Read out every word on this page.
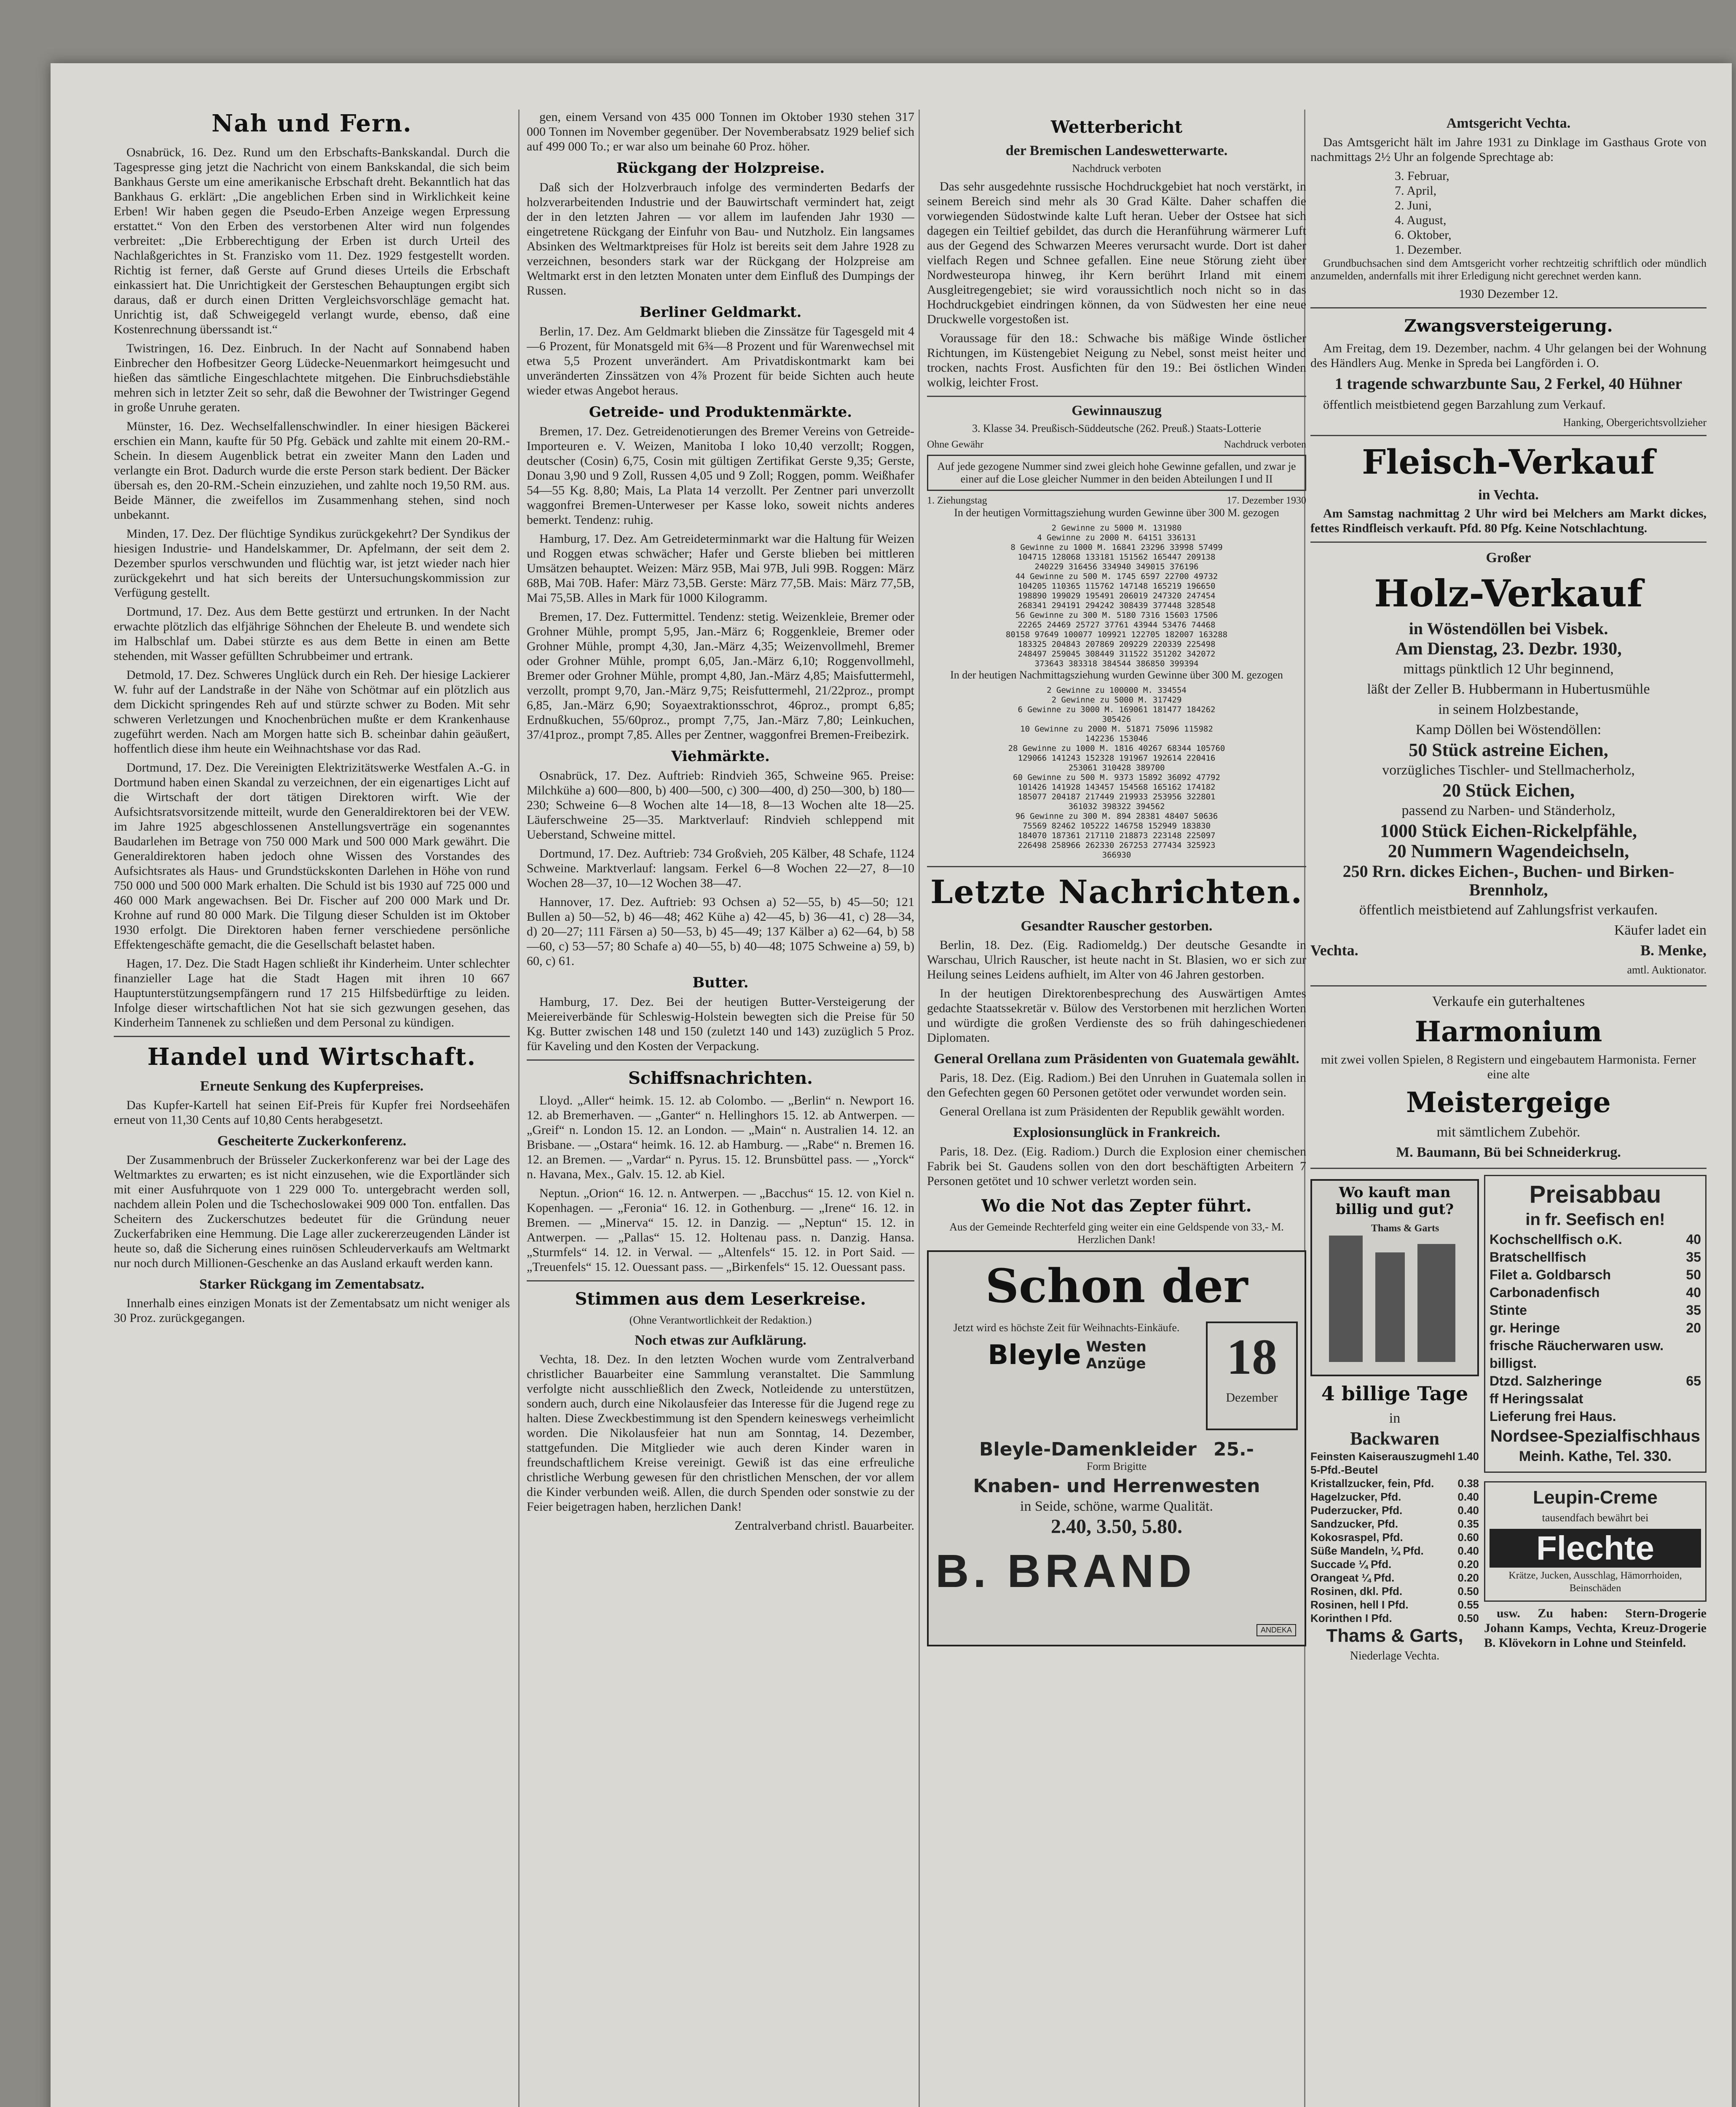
Nah und Fern.

Osnabrück, 16. Dez. Rund um den Erbschafts-Bankskandal. Durch die Tagespresse ging jetzt die Nachricht von einem Bankskandal, die sich beim Bankhaus Gerste um eine amerikanische Erbschaft dreht. Bekanntlich hat das Bankhaus G. erklärt: „Die angeblichen Erben sind in Wirklichkeit keine Erben! Wir haben gegen die Pseudo-Erben Anzeige wegen Erpressung erstattet.“ Von den Erben des verstorbenen Alter wird nun folgendes verbreitet: „Die Erbberechtigung der Erben ist durch Urteil des Nachlaßgerichtes in St. Franzisko vom 11. Dez. 1929 festgestellt worden. Richtig ist ferner, daß Gerste auf Grund dieses Urteils die Erbschaft einkassiert hat. Die Unrichtigkeit der Gersteschen Behauptungen ergibt sich daraus, daß er durch einen Dritten Vergleichsvorschläge gemacht hat. Unrichtig ist, daß Schweigegeld verlangt wurde, ebenso, daß eine Kostenrechnung überssandt ist.“

Twistringen, 16. Dez. Einbruch. In der Nacht auf Sonnabend haben Einbrecher den Hofbesitzer Georg Lüdecke-Neuenmarkort heimgesucht und hießen das sämtliche Eingeschlachtete mitgehen. Die Einbruchsdiebstähle mehren sich in letzter Zeit so sehr, daß die Bewohner der Twistringer Gegend in große Unruhe geraten.

Münster, 16. Dez. Wechselfallenschwindler. In einer hiesigen Bäckerei erschien ein Mann, kaufte für 50 Pfg. Gebäck und zahlte mit einem 20-RM.-Schein. In diesem Augenblick betrat ein zweiter Mann den Laden und verlangte ein Brot. Dadurch wurde die erste Person stark bedient. Der Bäcker übersah es, den 20-RM.-Schein einzuziehen, und zahlte noch 19,50 RM. aus. Beide Männer, die zweifellos im Zusammenhang stehen, sind noch unbekannt.

Minden, 17. Dez. Der flüchtige Syndikus zurückgekehrt? Der Syndikus der hiesigen Industrie- und Handelskammer, Dr. Apfelmann, der seit dem 2. Dezember spurlos verschwunden und flüchtig war, ist jetzt wieder nach hier zurückgekehrt und hat sich bereits der Untersuchungskommission zur Verfügung gestellt.

Dortmund, 17. Dez. Aus dem Bette gestürzt und ertrunken. In der Nacht erwachte plötzlich das elfjährige Söhnchen der Eheleute B. und wendete sich im Halbschlaf um. Dabei stürzte es aus dem Bette in einen am Bette stehenden, mit Wasser gefüllten Schrubbeimer und ertrank.

Detmold, 17. Dez. Schweres Unglück durch ein Reh. Der hiesige Lackierer W. fuhr auf der Landstraße in der Nähe von Schötmar auf ein plötzlich aus dem Dickicht springendes Reh auf und stürzte schwer zu Boden. Mit sehr schweren Verletzungen und Knochenbrüchen mußte er dem Krankenhause zugeführt werden. Nach am Morgen hatte sich B. scheinbar dahin geäußert, hoffentlich diese ihm heute ein Weihnachtshase vor das Rad.

Dortmund, 17. Dez. Die Vereinigten Elektrizitätswerke Westfalen A.-G. in Dortmund haben einen Skandal zu verzeichnen, der ein eigenartiges Licht auf die Wirtschaft der dort tätigen Direktoren wirft. Wie der Aufsichtsratsvorsitzende mitteilt, wurde den Generaldirektoren bei der VEW. im Jahre 1925 abgeschlossenen Anstellungsverträge ein sogenanntes Baudarlehen im Betrage von 750 000 Mark und 500 000 Mark gewährt. Die Generaldirektoren haben jedoch ohne Wissen des Vorstandes des Aufsichtsrates als Haus- und Grundstückskonten Darlehen in Höhe von rund 750 000 und 500 000 Mark erhalten. Die Schuld ist bis 1930 auf 725 000 und 460 000 Mark angewachsen. Bei Dr. Fischer auf 200 000 Mark und Dr. Krohne auf rund 80 000 Mark. Die Tilgung dieser Schulden ist im Oktober 1930 erfolgt. Die Direktoren haben ferner verschiedene persönliche Effektengeschäfte gemacht, die die Gesellschaft belastet haben.

Hagen, 17. Dez. Die Stadt Hagen schließt ihr Kinderheim. Unter schlechter finanzieller Lage hat die Stadt Hagen mit ihren 10 667 Hauptunterstützungsempfängern rund 17 215 Hilfsbedürftige zu leiden. Infolge dieser wirtschaftlichen Not hat sie sich gezwungen gesehen, das Kinderheim Tannenek zu schließen und dem Personal zu kündigen.

Handel und Wirtschaft.
Erneute Senkung des Kupferpreises.

Das Kupfer-Kartell hat seinen Eif-Preis für Kupfer frei Nordseehäfen erneut von 11,30 Cents auf 10,80 Cents herabgesetzt.

Gescheiterte Zuckerkonferenz.

Der Zusammenbruch der Brüsseler Zuckerkonferenz war bei der Lage des Weltmarktes zu erwarten; es ist nicht einzusehen, wie die Exportländer sich mit einer Ausfuhrquote von 1 229 000 To. untergebracht werden soll, nachdem allein Polen und die Tschechoslowakei 909 000 Ton. entfallen. Das Scheitern des Zuckerschutzes bedeutet für die Gründung neuer Zuckerfabriken eine Hemmung. Die Lage aller zuckererzeugenden Länder ist heute so, daß die Sicherung eines ruinösen Schleuderverkaufs am Weltmarkt nur noch durch Millionen-Geschenke an das Ausland erkauft werden kann.

Starker Rückgang im Zementabsatz.

Innerhalb eines einzigen Monats ist der Zementabsatz um nicht weniger als 30 Proz. zurückgegangen.

gen, einem Versand von 435 000 Tonnen im Oktober 1930 stehen 317 000 Tonnen im November gegenüber. Der Novemberabsatz 1929 belief sich auf 499 000 To.; er war also um beinahe 60 Proz. höher.

Rückgang der Holzpreise.

Daß sich der Holzverbrauch infolge des verminderten Bedarfs der holzverarbeitenden Industrie und der Bauwirtschaft vermindert hat, zeigt der in den letzten Jahren — vor allem im laufenden Jahr 1930 — eingetretene Rückgang der Einfuhr von Bau- und Nutzholz. Ein langsames Absinken des Weltmarktpreises für Holz ist bereits seit dem Jahre 1928 zu verzeichnen, besonders stark war der Rückgang der Holzpreise am Weltmarkt erst in den letzten Monaten unter dem Einfluß des Dumpings der Russen.

Berliner Geldmarkt.

Berlin, 17. Dez. Am Geldmarkt blieben die Zinssätze für Tagesgeld mit 4—6 Prozent, für Monatsgeld mit 6¾—8 Prozent und für Warenwechsel mit etwa 5,5 Prozent unverändert. Am Privatdiskontmarkt kam bei unveränderten Zinssätzen von 4⅞ Prozent für beide Sichten auch heute wieder etwas Angebot heraus.

Getreide- und Produktenmärkte.

Bremen, 17. Dez. Getreidenotierungen des Bremer Vereins von Getreide-Importeuren e. V. Weizen, Manitoba I loko 10,40 verzollt; Roggen, deutscher (Cosin) 6,75, Cosin mit gültigen Zertifikat Gerste 9,35; Gerste, Donau 3,90 und 9 Zoll, Russen 4,05 und 9 Zoll; Roggen, pomm. Weißhafer 54—55 Kg. 8,80; Mais, La Plata 14 verzollt. Per Zentner pari unverzollt waggonfrei Bremen-Unterweser per Kasse loko, soweit nichts anderes bemerkt. Tendenz: ruhig.

Hamburg, 17. Dez. Am Getreideterminmarkt war die Haltung für Weizen und Roggen etwas schwächer; Hafer und Gerste blieben bei mittleren Umsätzen behauptet. Weizen: März 95B, Mai 97B, Juli 99B. Roggen: März 68B, Mai 70B. Hafer: März 73,5B. Gerste: März 77,5B. Mais: März 77,5B, Mai 75,5B. Alles in Mark für 1000 Kilogramm.

Bremen, 17. Dez. Futtermittel. Tendenz: stetig. Weizenkleie, Bremer oder Grohner Mühle, prompt 5,95, Jan.-März 6; Roggenkleie, Bremer oder Grohner Mühle, prompt 4,30, Jan.-März 4,35; Weizenvollmehl, Bremer oder Grohner Mühle, prompt 6,05, Jan.-März 6,10; Roggenvollmehl, Bremer oder Grohner Mühle, prompt 4,80, Jan.-März 4,85; Maisfuttermehl, verzollt, prompt 9,70, Jan.-März 9,75; Reisfuttermehl, 21/22proz., prompt 6,85, Jan.-März 6,90; Soyaextraktionsschrot, 46proz., prompt 6,85; Erdnußkuchen, 55/60proz., prompt 7,75, Jan.-März 7,80; Leinkuchen, 37/41proz., prompt 7,85. Alles per Zentner, waggonfrei Bremen-Freibezirk.

Viehmärkte.

Osnabrück, 17. Dez. Auftrieb: Rindvieh 365, Schweine 965. Preise: Milchkühe a) 600—800, b) 400—500, c) 300—400, d) 250—300, b) 180—230; Schweine 6—8 Wochen alte 14—18, 8—13 Wochen alte 18—25. Läuferschweine 25—35. Marktverlauf: Rindvieh schleppend mit Ueberstand, Schweine mittel.

Dortmund, 17. Dez. Auftrieb: 734 Großvieh, 205 Kälber, 48 Schafe, 1124 Schweine. Marktverlauf: langsam. Ferkel 6—8 Wochen 22—27, 8—10 Wochen 28—37, 10—12 Wochen 38—47.

Hannover, 17. Dez. Auftrieb: 93 Ochsen a) 52—55, b) 45—50; 121 Bullen a) 50—52, b) 46—48; 462 Kühe a) 42—45, b) 36—41, c) 28—34, d) 20—27; 111 Färsen a) 50—53, b) 45—49; 137 Kälber a) 62—64, b) 58—60, c) 53—57; 80 Schafe a) 40—55, b) 40—48; 1075 Schweine a) 59, b) 60, c) 61.

Butter.

Hamburg, 17. Dez. Bei der heutigen Butter-Versteigerung der Meiereiverbände für Schleswig-Holstein bewegten sich die Preise für 50 Kg. Butter zwischen 148 und 150 (zuletzt 140 und 143) zuzüglich 5 Proz. für Kaveling und den Kosten der Verpackung.

Schiffsnachrichten.

Lloyd. „Aller“ heimk. 15. 12. ab Colombo. — „Berlin“ n. Newport 16. 12. ab Bremerhaven. — „Ganter“ n. Hellinghors 15. 12. ab Antwerpen. — „Greif“ n. London 15. 12. an London. — „Main“ n. Australien 14. 12. an Brisbane. — „Ostara“ heimk. 16. 12. ab Hamburg. — „Rabe“ n. Bremen 16. 12. an Bremen. — „Vardar“ n. Pyrus. 15. 12. Brunsbüttel pass. — „Yorck“ n. Havana, Mex., Galv. 15. 12. ab Kiel.

Neptun. „Orion“ 16. 12. n. Antwerpen. — „Bacchus“ 15. 12. von Kiel n. Kopenhagen. — „Feronia“ 16. 12. in Gothenburg. — „Irene“ 16. 12. in Bremen. — „Minerva“ 15. 12. in Danzig. — „Neptun“ 15. 12. in Antwerpen. — „Pallas“ 15. 12. Holtenau pass. n. Danzig. Hansa. „Sturmfels“ 14. 12. in Verwal. — „Altenfels“ 15. 12. in Port Said. — „Treuenfels“ 15. 12. Ouessant pass. — „Birkenfels“ 15. 12. Ouessant pass.

Stimmen aus dem Leserkreise.

(Ohne Verantwortlichkeit der Redaktion.)

Noch etwas zur Aufklärung.

Vechta, 18. Dez. In den letzten Wochen wurde vom Zentralverband christlicher Bauarbeiter eine Sammlung veranstaltet. Die Sammlung verfolgte nicht ausschließlich den Zweck, Notleidende zu unterstützen, sondern auch, durch eine Nikolausfeier das Interesse für die Jugend rege zu halten. Diese Zweckbestimmung ist den Spendern keineswegs verheimlicht worden. Die Nikolausfeier hat nun am Sonntag, 14. Dezember, stattgefunden. Die Mitglieder wie auch deren Kinder waren in freundschaftlichem Kreise vereinigt. Gewiß ist das eine erfreuliche christliche Werbung gewesen für den christlichen Menschen, der vor allem die Kinder verbunden weiß. Allen, die durch Spenden oder sonstwie zu der Feier beigetragen haben, herzlichen Dank!

Zentralverband christl. Bauarbeiter.

Wetterbericht
der Bremischen Landeswetterwarte.

Nachdruck verboten

Das sehr ausgedehnte russische Hochdruckgebiet hat noch verstärkt, in seinem Bereich sind mehr als 30 Grad Kälte. Daher schaffen die vorwiegenden Südostwinde kalte Luft heran. Ueber der Ostsee hat sich dagegen ein Teiltief gebildet, das durch die Heranführung wärmerer Luft aus der Gegend des Schwarzen Meeres verursacht wurde. Dort ist daher vielfach Regen und Schnee gefallen. Eine neue Störung zieht über Nordwesteuropa hinweg, ihr Kern berührt Irland mit einem Ausgleitregengebiet; sie wird voraussichtlich noch nicht so in das Hochdruckgebiet eindringen können, da von Südwesten her eine neue Druckwelle vorgestoßen ist.

Voraussage für den 18.: Schwache bis mäßige Winde östlicher Richtungen, im Küstengebiet Neigung zu Nebel, sonst meist heiter und trocken, nachts Frost. Ausfichten für den 19.: Bei östlichen Winden wolkig, leichter Frost.

Gewinnauszug

3. Klasse 34. Preußisch-Süddeutsche (262. Preuß.) Staats-Lotterie

Ohne Gewähr	Nachdruck verboten
Auf jede gezogene Nummer sind zwei gleich hohe Gewinne gefallen, und zwar je einer auf die Lose gleicher Nummer in den beiden Abteilungen I und II
1. Ziehungstag	17. Dezember 1930

In der heutigen Vormittagsziehung wurden Gewinne über 300 M. gezogen

2 Gewinne zu 5000 M. 131980
4 Gewinne zu 2000 M. 64151 336131
8 Gewinne zu 1000 M. 16841 23296 33998 57499
104715 128068 133181 151562 165447 209138
240229 316456 334940 349015 376196
44 Gewinne zu 500 M. 1745 6597 22700 49732
104205 110365 115762 147148 165219 196650
198890 199029 195491 206019 247320 247454
268341 294191 294242 308439 377448 328548
56 Gewinne zu 300 M. 5180 7316 15603 17506
22265 24469 25727 37761 43944 53476 74468
80158 97649 100077 109921 122705 182007 163288
183325 204843 207869 209229 220339 225498
248497 259045 308449 311522 351202 342072
373643 383318 384544 386850 399394

In der heutigen Nachmittagsziehung wurden Gewinne über 300 M. gezogen

2 Gewinne zu 100000 M. 334554
2 Gewinne zu 5000 M. 317429
6 Gewinne zu 3000 M. 169061 181477 184262
305426
10 Gewinne zu 2000 M. 51871 75096 115982
142236 153046
28 Gewinne zu 1000 M. 1816 40267 68344 105760
129066 141243 152328 191967 192614 220416
253061 310428 389700
60 Gewinne zu 500 M. 9373 15892 36092 47792
101426 141928 143457 154568 165162 174182
185077 204187 217449 219933 253956 322801
361032 398322 394562
96 Gewinne zu 300 M. 894 28381 48407 50636
75569 82462 105222 146758 152949 183830
184070 187361 217110 218873 223148 225097
226498 258966 262330 267253 277434 325923
366930
Letzte Nachrichten.
Gesandter Rauscher gestorben.

Berlin, 18. Dez. (Eig. Radiomeldg.) Der deutsche Gesandte in Warschau, Ulrich Rauscher, ist heute nacht in St. Blasien, wo er sich zur Heilung seines Leidens aufhielt, im Alter von 46 Jahren gestorben.

In der heutigen Direktorenbesprechung des Auswärtigen Amtes gedachte Staatssekretär v. Bülow des Verstorbenen mit herzlichen Worten und würdigte die großen Verdienste des so früh dahingeschiedenen Diplomaten.

General Orellana zum Präsidenten von Guatemala gewählt.

Paris, 18. Dez. (Eig. Radiom.) Bei den Unruhen in Guatemala sollen in den Gefechten gegen 60 Personen getötet oder verwundet worden sein.

General Orellana ist zum Präsidenten der Republik gewählt worden.

Explosionsunglück in Frankreich.

Paris, 18. Dez. (Eig. Radiom.) Durch die Explosion einer chemischen Fabrik bei St. Gaudens sollen von den dort beschäftigten Arbeitern 7 Personen getötet und 10 schwer verletzt worden sein.

Wo die Not das Zepter führt.

Aus der Gemeinde Rechterfeld ging weiter ein eine Geldspende von 33,- M. Herzlichen Dank!

Schon der

Jetzt wird es höchste Zeit für Weihnachts-Einkäufe.

Bleyle Westen Anzüge	18
Dezember
Bleyle-Damenkleider 25.-

Form Brigitte

Knaben- und Herrenwesten
in Seide, schöne, warme Qualität.
2.40, 3.50, 5.80.
B. BRAND
ANDEKA
Amtsgericht Vechta.

Das Amtsgericht hält im Jahre 1931 zu Dinklage im Gasthaus Grote von nachmittags 2½ Uhr an folgende Sprechtage ab:

3. Februar,
7. April,
2. Juni,
4. August,
6. Oktober,
1. Dezember.

Grundbuchsachen sind dem Amtsgericht vorher rechtzeitig schriftlich oder mündlich anzumelden, andernfalls mit ihrer Erledigung nicht gerechnet werden kann.

1930 Dezember 12.

Zwangsversteigerung.

Am Freitag, dem 19. Dezember, nachm. 4 Uhr gelangen bei der Wohnung des Händlers Aug. Menke in Spreda bei Langförden i. O.

1 tragende schwarzbunte Sau, 2 Ferkel, 40 Hühner

öffentlich meistbietend gegen Barzahlung zum Verkauf.

Hanking, Obergerichtsvollzieher

Fleisch-Verkauf
in Vechta.

Am Samstag nachmittag 2 Uhr wird bei Melchers am Markt dickes, fettes Rindfleisch verkauft. Pfd. 80 Pfg. Keine Notschlachtung.

Großer
Holz-Verkauf
in Wöstendöllen bei Visbek.
Am Dienstag, 23. Dezbr. 1930,
mittags pünktlich 12 Uhr beginnend,
läßt der Zeller B. Hubbermann in Hubertusmühle
in seinem Holzbestande,
Kamp Döllen bei Wöstendöllen:
50 Stück astreine Eichen,
vorzügliches Tischler- und Stellmacherholz,
20 Stück Eichen,
passend zu Narben- und Ständerholz,
1000 Stück Eichen-Rickelpfähle,
20 Nummern Wagendeichseln,
250 Rrn. dickes Eichen-, Buchen- und Birken-Brennholz,
öffentlich meistbietend auf Zahlungsfrist verkaufen.
Käufer ladet ein
Vechta.	B. Menke,
amtl. Auktionator.
Verkaufe ein guterhaltenes
Harmonium

mit zwei vollen Spielen, 8 Registern und eingebautem Harmonista. Ferner eine alte

Meistergeige
mit sämtlichem Zubehör.
M. Baumann, Bü bei Schneiderkrug.
Wo kauft man billig und gut?
Thams & Garts
4 billige Tage
in
Backwaren
Feinsten Kaiserauszugmehl 5-Pfd.-Beutel
1.40
Kristallzucker, fein, Pfd. 0.38
Hagelzucker, Pfd.	0.40
Puderzucker, Pfd.	0.40
Sandzucker, Pfd.	0.35
Kokosraspel, Pfd.	0.60
Süße Mandeln, ¼ Pfd.	0.40
Succade ¼ Pfd.	0.20
Orangeat ¼ Pfd.	0.20
Rosinen, dkl. Pfd.	0.50
Rosinen, hell I Pfd.	0.55
Korinthen I Pfd.	0.50
Thams & Garts,
Niederlage Vechta.
Preisabbau
in fr. Seefisch en!
Kochschellfisch o.K.	40
Bratschellfisch	35
Filet a. Goldbarsch	50
Carbonadenfisch	40
Stinte	35
gr. Heringe	20
frische Räucherwaren usw. billigst.
Dtzd. Salzheringe	65
ff Heringssalat
Lieferung frei Haus.
Nordsee-Spezialfischhaus
Meinh. Kathe, Tel. 330.
Leupin-Creme
tausendfach bewährt bei
Flechte
Krätze, Jucken, Ausschlag, Hämorrhoiden, Beinschäden

usw. Zu haben: Stern-Drogerie Johann Kamps, Vechta, Kreuz-Drogerie B. Klövekorn in Lohne und Steinfeld.
